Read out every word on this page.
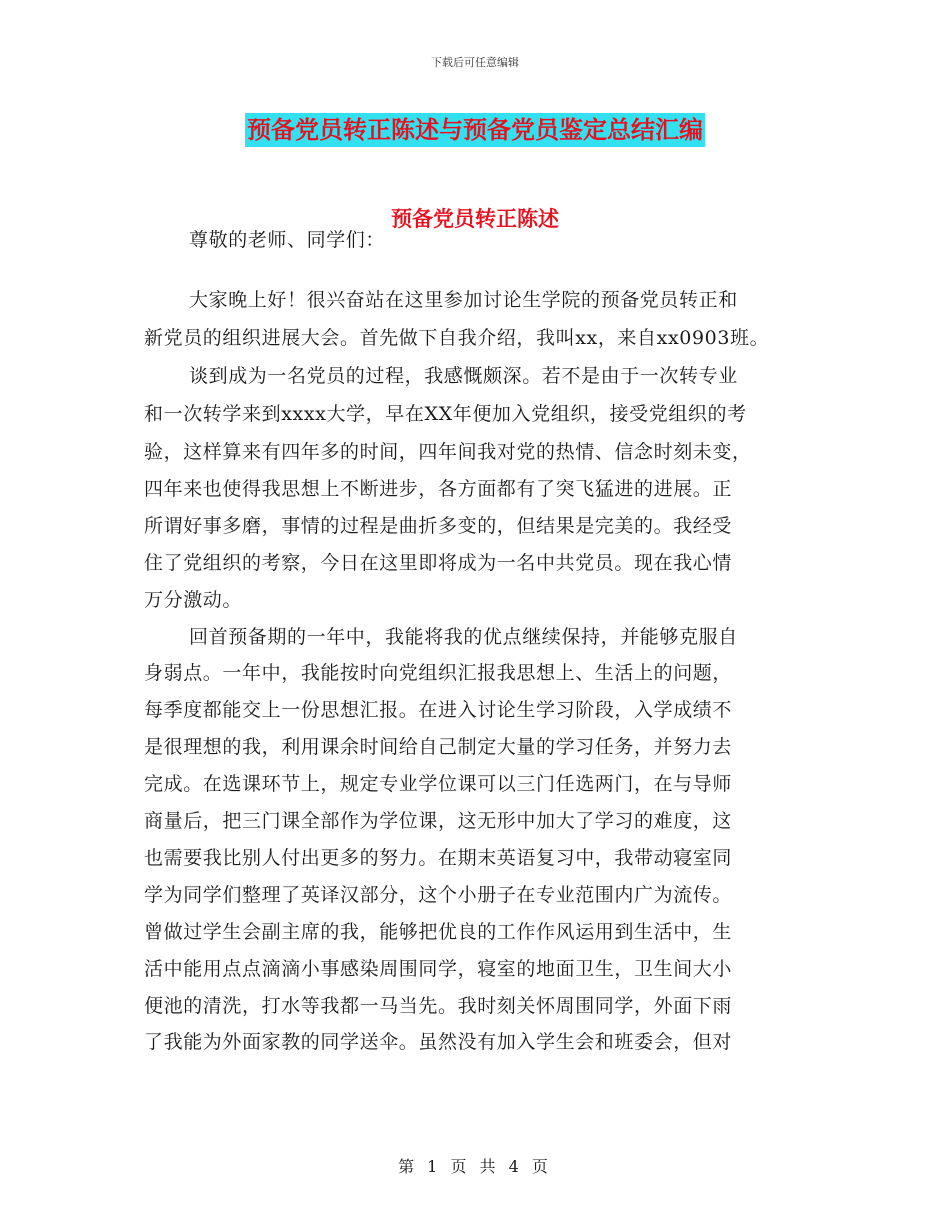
下载后可任意编辑
预备党员转正陈述与预备党员鉴定总结汇编
预备党员转正陈述
尊敬的老师、同学们：
大家晚上好！很兴奋站在这里参加讨论生学院的预备党员转正和
新党员的组织进展大会。首先做下自我介绍，我叫xx，来自xx0903班。
谈到成为一名党员的过程，我感慨颇深。若不是由于一次转专业
和一次转学来到xxxx大学，早在XX年便加入党组织，接受党组织的考
验，这样算来有四年多的时间，四年间我对党的热情、信念时刻未变，
四年来也使得我思想上不断进步，各方面都有了突飞猛进的进展。正
所谓好事多磨，事情的过程是曲折多变的，但结果是完美的。我经受
住了党组织的考察，今日在这里即将成为一名中共党员。现在我心情
万分激动。
回首预备期的一年中，我能将我的优点继续保持，并能够克服自
身弱点。一年中，我能按时向党组织汇报我思想上、生活上的问题，
每季度都能交上一份思想汇报。在进入讨论生学习阶段，入学成绩不
是很理想的我，利用课余时间给自己制定大量的学习任务，并努力去
完成。在选课环节上，规定专业学位课可以三门任选两门，在与导师
商量后，把三门课全部作为学位课，这无形中加大了学习的难度，这
也需要我比别人付出更多的努力。在期末英语复习中，我带动寝室同
学为同学们整理了英译汉部分，这个小册子在专业范围内广为流传。
曾做过学生会副主席的我，能够把优良的工作作风运用到生活中，生
活中能用点点滴滴小事感染周围同学，寝室的地面卫生，卫生间大小
便池的清洗，打水等我都一马当先。我时刻关怀周围同学，外面下雨
了我能为外面家教的同学送伞。虽然没有加入学生会和班委会，但对
第 1 页 共 4 页
